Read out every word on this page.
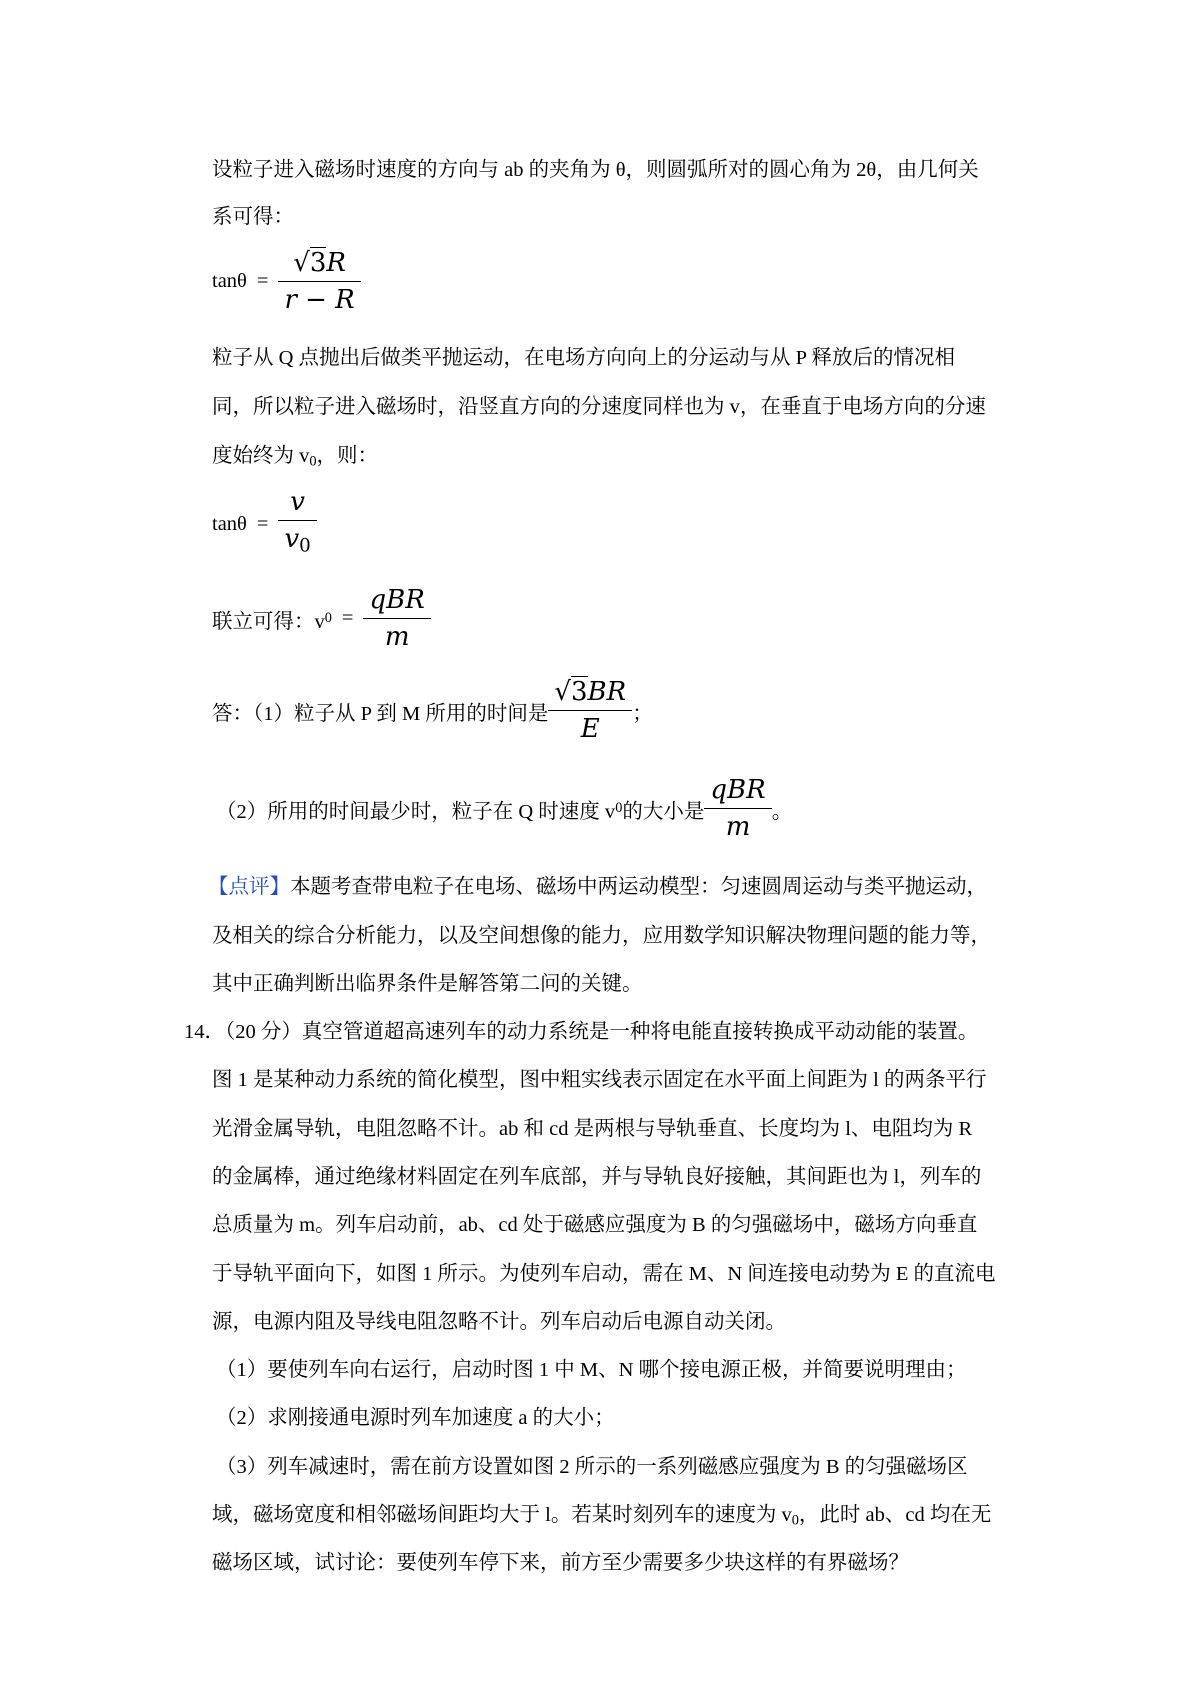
设粒子进入磁场时速度的方向与 ab 的夹角为 θ，则圆弧所对的圆心角为 2θ，由几何关
系可得：
$\tan\theta = \frac{√3R}{r - R}$
粒子从 Q 点抛出后做类平抛运动，在电场方向向上的分运动与从 P 释放后的情况相
同，所以粒子进入磁场时，沿竖直方向的分速度同样也为 v，在垂直于电场方向的分速
度始终为 $v_0$，则：
$\tan\theta = \frac{v}{v_0}$
联立可得：v $0 = \frac{\text{qBR}}{m}$
答：（1）粒子从 P 到 M 所用的时间是 $\frac{√3BR}{E}$ ；
（2）所用的时间最少时，粒子在 Q 时速度 v 0 的大小是 $\frac{\text{qBR}}{m}$ 。
【点评】本题考查带电粒子在电场、磁场中两运动模型：匀速圆周运动与类平抛运动，
及相关的综合分析能力，以及空间想像的能力，应用数学知识解决物理问题的能力等，
其中正确判断出临界条件是解答第二问的关键。
14．（20 分）真空管道超高速列车的动力系统是一种将电能直接转换成平动动能的装置。
图 1 是某种动力系统的简化模型，图中粗实线表示固定在水平面上间距为 l 的两条平行
光滑金属导轨，电阻忽略不计。ab 和 cd 是两根与导轨垂直、长度均为 l、电阻均为 R
的金属棒，通过绝缘材料固定在列车底部，并与导轨良好接触，其间距也为 l，列车的
总质量为 m。列车启动前，ab、cd 处于磁感应强度为 B 的匀强磁场中，磁场方向垂直
于导轨平面向下，如图 1 所示。为使列车启动，需在 M、N 间连接电动势为 E 的直流电
源，电源内阻及导线电阻忽略不计。列车启动后电源自动关闭。
（1）要使列车向右运行，启动时图 1 中 M、N 哪个接电源正极，并简要说明理由；
（2）求刚接通电源时列车加速度 a 的大小；
（3）列车减速时，需在前方设置如图 2 所示的一系列磁感应强度为 B 的匀强磁场区
域，磁场宽度和相邻磁场间距均大于 l。若某时刻列车的速度为 $v_0$，此时 ab、cd 均在无
磁场区域，试讨论：要使列车停下来，前方至少需要多少块这样的有界磁场？
